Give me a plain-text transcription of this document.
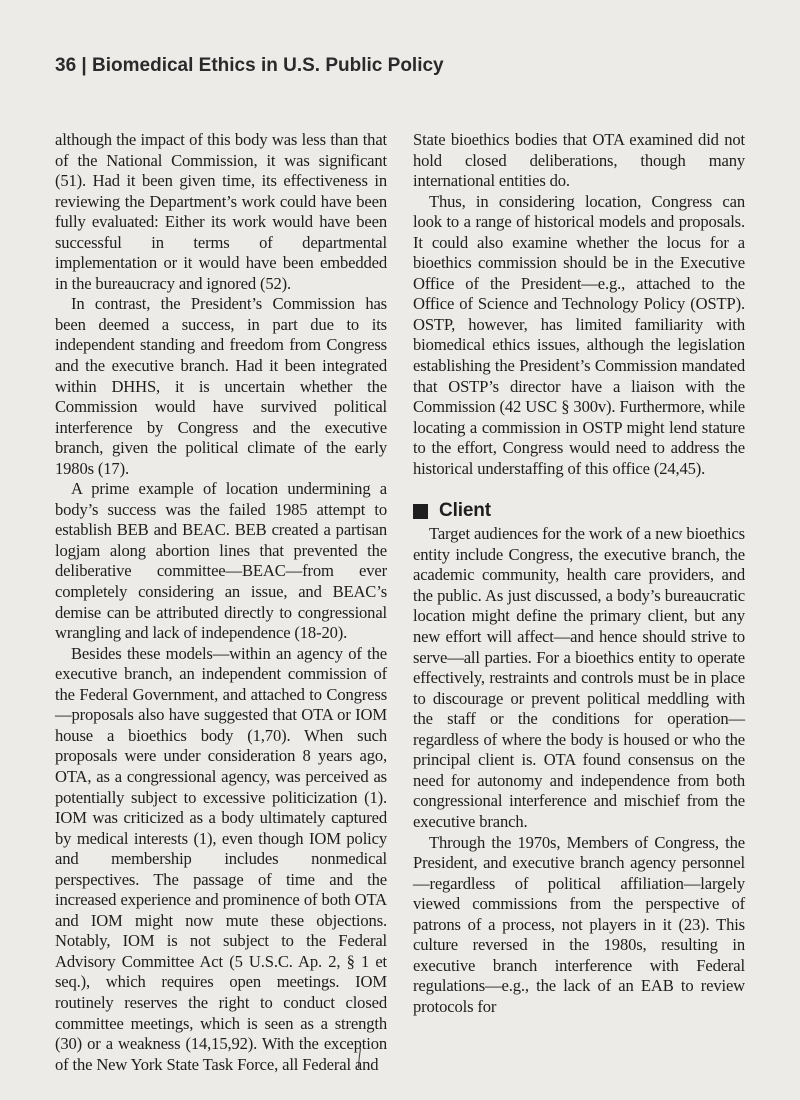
36 | Biomedical Ethics in U.S. Public Policy

although the impact of this body was less than that of the National Commission, it was significant (51). Had it been given time, its effectiveness in reviewing the Department’s work could have been fully evaluated: Either its work would have been successful in terms of departmental implementation or it would have been embedded in the bureaucracy and ignored (52).

In contrast, the President’s Commission has been deemed a success, in part due to its independent standing and freedom from Congress and the executive branch. Had it been integrated within DHHS, it is uncertain whether the Commission would have survived political interference by Congress and the executive branch, given the political climate of the early 1980s (17).

A prime example of location undermining a body’s success was the failed 1985 attempt to establish BEB and BEAC. BEB created a partisan logjam along abortion lines that prevented the deliberative committee—BEAC—from ever completely considering an issue, and BEAC’s demise can be attributed directly to congressional wrangling and lack of independence (18-20).

Besides these models—within an agency of the executive branch, an independent commission of the Federal Government, and attached to Congress—proposals also have suggested that OTA or IOM house a bioethics body (1,70). When such proposals were under consideration 8 years ago, OTA, as a congressional agency, was perceived as potentially subject to excessive politicization (1). IOM was criticized as a body ultimately captured by medical interests (1), even though IOM policy and membership includes nonmedical perspectives. The passage of time and the increased experience and prominence of both OTA and IOM might now mute these objections. Notably, IOM is not subject to the Federal Advisory Committee Act (5 U.S.C. Ap. 2, § 1 et seq.), which requires open meetings. IOM routinely reserves the right to conduct closed committee meetings, which is seen as a strength (30) or a weakness (14,15,92). With the exception of the New York State Task Force, all Federal and

State bioethics bodies that OTA examined did not hold closed deliberations, though many international entities do.

Thus, in considering location, Congress can look to a range of historical models and proposals. It could also examine whether the locus for a bioethics commission should be in the Executive Office of the President—e.g., attached to the Office of Science and Technology Policy (OSTP). OSTP, however, has limited familiarity with biomedical ethics issues, although the legislation establishing the President’s Commission mandated that OSTP’s director have a liaison with the Commission (42 USC § 300v). Furthermore, while locating a commission in OSTP might lend stature to the effort, Congress would need to address the historical understaffing of this office (24,45).

Client

Target audiences for the work of a new bioethics entity include Congress, the executive branch, the academic community, health care providers, and the public. As just discussed, a body’s bureaucratic location might define the primary client, but any new effort will affect—and hence should strive to serve—all parties. For a bioethics entity to operate effectively, restraints and controls must be in place to discourage or prevent political meddling with the staff or the conditions for operation—regardless of where the body is housed or who the principal client is. OTA found consensus on the need for autonomy and independence from both congressional interference and mischief from the executive branch.

Through the 1970s, Members of Congress, the President, and executive branch agency personnel—regardless of political affiliation—largely viewed commissions from the perspective of patrons of a process, not players in it (23). This culture reversed in the 1980s, resulting in executive branch interference with Federal regulations—e.g., the lack of an EAB to review protocols for
